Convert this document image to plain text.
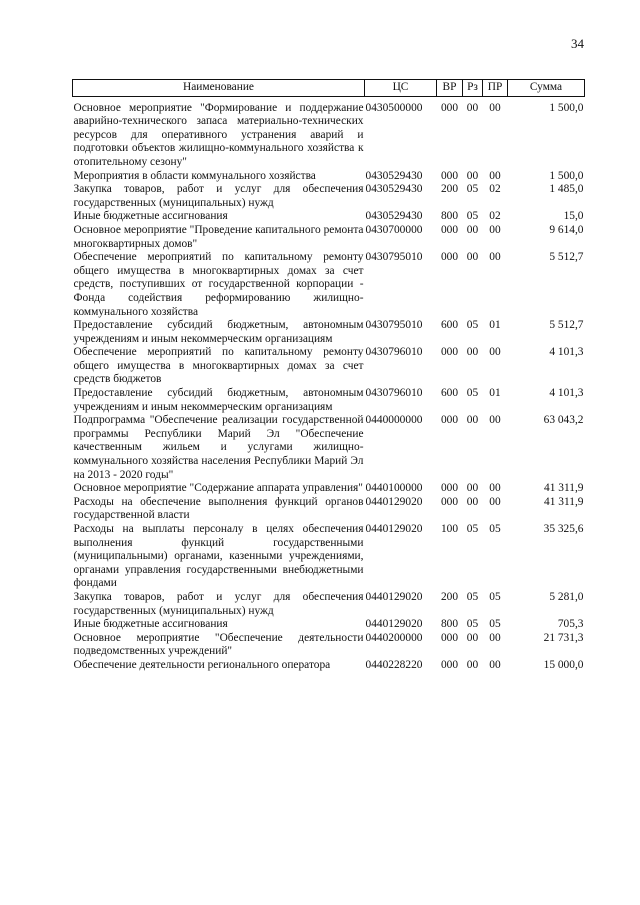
34
Наименование	ЦС	ВР	Рз	ПР	Сумма
Основное мероприятие "Формирование и поддержание аварийно-технического запаса материально-технических ресурсов для оперативного устранения аварий и подготовки объектов жилищно-коммунального хозяйства к отопительному сезону"	0430500000	000	00	00	1 500,0
Мероприятия в области коммунального хозяйства	0430529430	000	00	00	1 500,0
Закупка товаров, работ и услуг для обеспечения государственных (муниципальных) нужд	0430529430	200	05	02	1 485,0
Иные бюджетные ассигнования	0430529430	800	05	02	15,0
Основное мероприятие "Проведение капитального ремонта многоквартирных домов"	0430700000	000	00	00	9 614,0
Обеспечение мероприятий по капитальному ремонту общего имущества в многоквартирных домах за счет средств, поступивших от государственной корпорации - Фонда содействия реформированию жилищно-коммунального хозяйства	0430795010	000	00	00	5 512,7
Предоставление субсидий бюджетным, автономным учреждениям и иным некоммерческим организациям	0430795010	600	05	01	5 512,7
Обеспечение мероприятий по капитальному ремонту общего имущества в многоквартирных домах за счет средств бюджетов	0430796010	000	00	00	4 101,3
Предоставление субсидий бюджетным, автономным учреждениям и иным некоммерческим организациям	0430796010	600	05	01	4 101,3
Подпрограмма "Обеспечение реализации государственной программы Республики Марий Эл "Обеспечение качественным жильем и услугами жилищно-коммунального хозяйства населения Республики Марий Эл на 2013 - 2020 годы"	0440000000	000	00	00	63 043,2
Основное мероприятие "Содержание аппарата управления"	0440100000	000	00	00	41 311,9
Расходы на обеспечение выполнения функций органов государственной власти	0440129020	000	00	00	41 311,9
Расходы на выплаты персоналу в целях обеспечения выполнения функций государственными (муниципальными) органами, казенными учреждениями, органами управления государственными внебюджетными фондами	0440129020	100	05	05	35 325,6
Закупка товаров, работ и услуг для обеспечения государственных (муниципальных) нужд	0440129020	200	05	05	5 281,0
Иные бюджетные ассигнования	0440129020	800	05	05	705,3
Основное мероприятие "Обеспечение деятельности подведомственных учреждений"	0440200000	000	00	00	21 731,3
Обеспечение деятельности регионального оператора	0440228220	000	00	00	15 000,0
